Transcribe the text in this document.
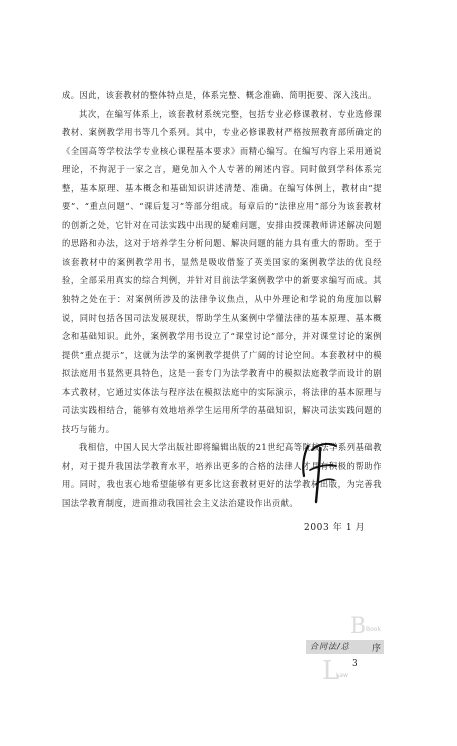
成。因此，该套教材的整体特点是，体系完整、概念准确、简明扼要、深入浅出。

其次，在编写体系上，该套教材系统完整，包括专业必修课教材、专业选修课教材、案例教学用书等几个系列。其中，专业必修课教材严格按照教育部所确定的《全国高等学校法学专业核心课程基本要求》而精心编写。在编写内容上采用通说理论，不拘泥于一家之言，避免加入个人专著的阐述内容。同时做到学科体系完整，基本原理、基本概念和基础知识讲述清楚、准确。在编写体例上，教材由“提要”、“重点问题”、“课后复习”等部分组成。每章后的“法律应用”部分为该套教材的创新之处，它针对在司法实践中出现的疑难问题，安排由授课教师讲述解决问题的思路和办法，这对于培养学生分析问题、解决问题的能力具有重大的帮助。至于该套教材中的案例教学用书，显然是吸收借鉴了英美国家的案例教学法的优良经验，全部采用真实的综合判例，并针对目前法学案例教学中的新要求编写而成。其独特之处在于：对案例所涉及的法律争议焦点，从中外理论和学说的角度加以解说，同时包括各国司法发展现状，帮助学生从案例中学懂法律的基本原理、基本概念和基础知识。此外，案例教学用书设立了“课堂讨论”部分，并对课堂讨论的案例提供“重点提示”，这就为法学的案例教学提供了广阔的讨论空间。本套教材中的模拟法庭用书显然更具特色，这是一套专门为法学教育中的模拟法庭教学而设计的剧本式教材，它通过实体法与程序法在模拟法庭中的实际演示，将法律的基本原理与司法实践相结合，能够有效地培养学生运用所学的基础知识，解决司法实践问题的技巧与能力。

我相信，中国人民大学出版社即将编辑出版的21世纪高等院校法学系列基础教材，对于提升我国法学教育水平，培养出更多的合格的法律人才具有积极的帮助作用。同时，我也衷心地希望能够有更多比这套教材更好的法学教材出版，为完善我国法学教育制度，进而推动我国社会主义法治建设作出贡献。

2003 年 1 月
B Book
合同法/总 序
L
Law
3
